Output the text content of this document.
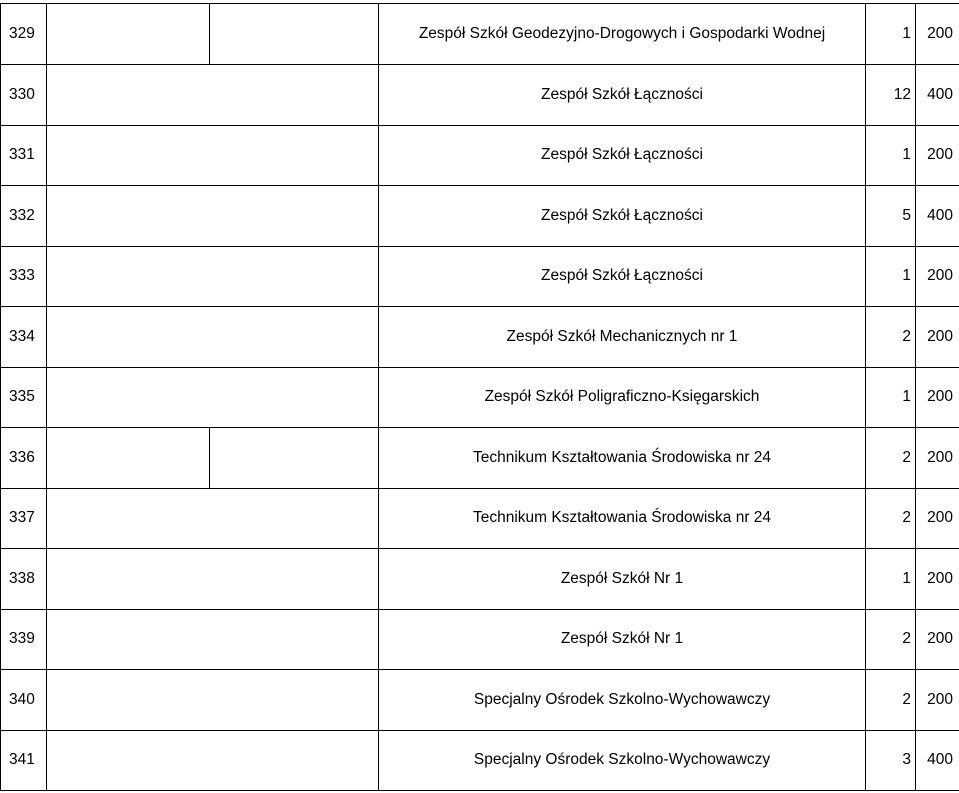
329			Zespół Szkół Geodezyjno-Drogowych i Gospodarki Wodnej	1	200
330			Zespół Szkół Łączności	12	400
331			Zespół Szkół Łączności	1	200
332			Zespół Szkół Łączności	5	400
333			Zespół Szkół Łączności	1	200
334			Zespół Szkół Mechanicznych nr 1	2	200
335			Zespół Szkół Poligraficzno-Księgarskich	1	200
336			Technikum Kształtowania Środowiska nr 24	2	200
337			Technikum Kształtowania Środowiska nr 24	2	200
338			Zespół Szkół Nr 1	1	200
339			Zespół Szkół Nr 1	2	200
340			Specjalny Ośrodek Szkolno-Wychowawczy	2	200
341			Specjalny Ośrodek Szkolno-Wychowawczy	3	400
